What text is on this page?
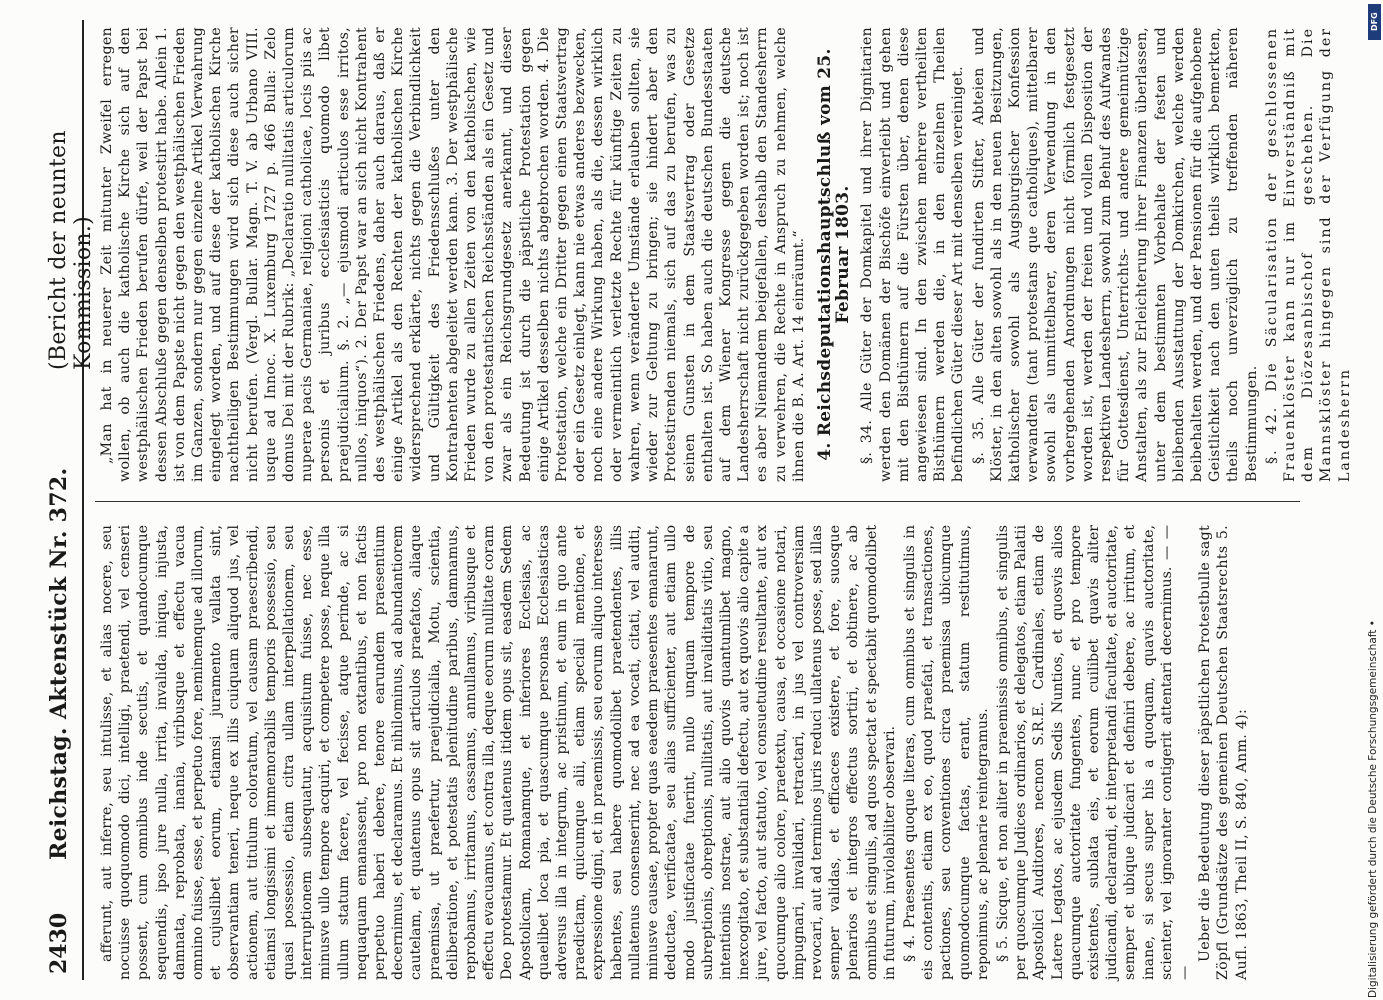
2430
Reichstag. Aktenstück Nr. 372.
(Bericht der neunten Kommission.)

afferunt, aut inferre, seu intulisse, et alias nocere, seu nocuisse quoquomodo dici, intelligi, praetendi, vel censeri possent, cum omnibus inde secutis, et quandocumque sequendis, ipso jure nulla, irrita, invalida, iniqua, injusta, damnata, reprobata, inania, viribusque et effectu vacua omnino fuisse, esse, et perpetuo fore, neminemque ad illorum, et cujuslibet eorum, etiamsi juramento vallata sint, observantiam teneri, neque ex illis cuiquam aliquod jus, vel actionem, aut titulum coloratum, vel causam praescribendi, etiamsi longissimi et immemorabilis temporis possessio, seu quasi possessio, etiam citra ullam interpellationem, seu interruptionem subsequatur, acquisitum fuisse, nec esse, minusve ullo tempore acquiri, et competere posse, neque illa ullum statum facere, vel fecisse, atque perinde, ac si nequaquam emanassent, pro non extantibus, et non factis perpetuo haberi debere, tenore earundem praesentium decernimus, et declaramus. Et nihilominus, ad abundantiorem cautelam, et quatenus opus sit articulos praefatos, aliaque praemissa, ut praefertur, praejudicialia, Motu, scientia, deliberatione, et potestatis plenitudine paribus, damnamus, reprobamus, irritamus, cassamus, annullamus, viribusque et effectu evacuamus, et contra illa, deque eorum nullitate coram Deo protestamur. Et quatenus itidem opus sit, easdem Sedem Apostolicam, Romanamque, et inferiores Ecclesias, ac quaelibet loca pia, et quascumque personas Ecclesiasticas adversus illa in integrum, ac pristinum, et eum in quo ante praedictam, quicumque alii, etiam speciali mentione, et expressione digni, et in praemissis, seu eorum aliquo interesse habentes, seu habere quomodolibet praetendentes, illis nullatenus consenserint, nec ad ea vocati, citati, vel auditi, minusve causae, propter quas eaedem praesentes emanarunt, deductae, verificatae, seu alias sufficienter, aut etiam ullo modo justificatae fuerint, nullo unquam tempore de subreptionis, obreptionis, nullitatis, aut invaliditatis vitio, seu intentionis nostrae, aut alio quovis quantumlibet magno, inexcogitato, et substantiali defectu, aut ex quovis alio capite a jure, vel facto, aut statuto, vel consuetudine resultante, aut ex quocumque alio colore, praetextu, causa, et occasione notari, impugnari, invalidari, retractari, in jus vel controversiam revocari, aut ad terminos juris reduci ullatenus posse, sed illas semper validas, et efficaces existere, et fore, suosque plenarios et integros effectus sortiri, et obtinere, ac ab omnibus et singulis, ad quos spectat et spectabit quomodolibet in futurum, inviolabiliter observari. § 4. Praesentes quoque literas, cum omnibus et singulis in eis contentis, etiam ex eo, quod praefati, et transactiones, pactiones, seu conventiones circa praemissa ubicumque quomodocumque factas, erant, statum restitutimus, reponimus, ac plenarie reintegramus. § 5. Sicque, et non aliter in praemissis omnibus, et singulis per quoscumque Judices ordinarios, et delegatos, etiam Palatii Apostolici Auditores, necnon S.R.E. Cardinales, etiam de Latere Legatos, ac ejusdem Sedis Nuntios, et quosvis alios quacumque auctoritate fungentes, nunc et pro tempore existentes, sublata eis, et eorum cuilibet quavis aliter judicandi, declarandi, et interpretandi facultate, et auctoritate, semper et ubique judicari et definiri debere, ac irritum, et inane, si secus super his a quoquam, quavis auctoritate, scienter, vel ignoranter contigerit attentari decernimus. — — —

Ueber die Bedeutung dieser päpstlichen Protestbulle sagt Zöpfl (Grundsätze des gemeinen Deutschen Staatsrechts 5. Aufl. 1863, Theil II, S. 840, Anm. 4):

„Man hat in neuerer Zeit mitunter Zweifel erregen wollen, ob auch die katholische Kirche sich auf den westphälischen Frieden berufen dürfe, weil der Papst bei dessen Abschluße gegen denselben protestirt habe. Allein 1. ist von dem Papste nicht gegen den westphälischen Frieden im Ganzen, sondern nur gegen einzelne Artikel Verwahrung eingelegt worden, und auf diese der katholischen Kirche nachtheiligen Bestimmungen wird sich diese auch sicher nicht berufen. (Vergl. Bullar. Magn. T. V. ab Urbano VIII. usque ad Innoc. X. Luxemburg 1727 p. 466 Bulla: Zelo domus Dei mit der Rubrik: „Declaratio nullitatis articulorum nuperae pacis Germaniae, religioni catholicae, locis piis ac personis et juribus ecclesiasticis quomodo libet praejudicialium. §. 2. „— ejusmodi articulos esse irritos, nullos, iniquos“). 2. Der Papst war an sich nicht Kontrahent des westphälischen Friedens, daher auch daraus, daß er einige Artikel als den Rechten der katholischen Kirche widersprechend erklärte, nichts gegen die Verbindlichkeit und Gültigkeit des Friedensschlußes unter den Kontrahenten abgeleitet werden kann. 3. Der westphälische Frieden wurde zu allen Zeiten von den katholischen, wie von den protestantischen Reichsständen als ein Gesetz und zwar als ein Reichsgrundgesetz anerkannt, und dieser Bedeutung ist durch die päpstliche Protestation gegen einige Artikel desselben nichts abgebrochen worden. 4. Die Protestation, welche ein Dritter gegen einen Staatsvertrag oder ein Gesetz einlegt, kann nie etwas anderes bezwecken, noch eine andere Wirkung haben, als die, dessen wirklich oder vermeintlich verletzte Rechte für künftige Zeiten zu wahren, wenn veränderte Umstände erlauben sollten, sie wieder zur Geltung zu bringen; sie hindert aber den Protestirenden niemals, sich auf das zu berufen, was zu seinen Gunsten in dem Staatsvertrag oder Gesetze enthalten ist. So haben auch die deutschen Bundesstaaten auf dem Wiener Kongresse gegen die deutsche Landesherrschaft nicht zurückgegeben worden ist; noch ist es aber Niemandem beigefallen, deshalb den Standesherrn zu verwehren, die Rechte in Anspruch zu nehmen, welche ihnen die B. A. Art. 14 einräumt.“ 4. Reichsdeputationshauptschluß vom 25. Februar 1803. §. 34. Alle Güter der Domkapitel und ihrer Dignitarien werden den Domänen der Bischöfe einverleibt und gehen mit den Bisthümern auf die Fürsten über, denen diese angewiesen sind. In den zwischen mehrere vertheilten Bisthümern werden die, in den einzelnen Theilen befindlichen Güter dieser Art mit denselben vereiniget. §. 35. Alle Güter der fundirten Stifter, Abteien und Klöster, in den alten sowohl als in den neuen Besitzungen, katholischer sowohl als Augsburgischer Konfession verwandten (tant protestans que catholiques), mittelbarer sowohl als unmittelbarer, deren Verwendung in den vorhergehenden Anordnungen nicht förmlich festgesetzt worden ist, werden der freien und vollen Disposition der respektiven Landesherrn, sowohl zum Behuf des Aufwandes für Gottesdienst, Unterrichts- und andere gemeinnützige Anstalten, als zur Erleichterung ihrer Finanzen überlassen, unter dem bestimmten Vorbehalte der festen und bleibenden Ausstattung der Domkirchen, welche werden beibehalten werden, und der Pensionen für die aufgehobene Geistlichkeit nach den unten theils wirklich bemerkten, theils noch unverzüglich zu treffenden näheren Bestimmungen. §. 42. Die Säcularisation der geschlossenen Frauenklöster kann nur im Einverständniß mit dem Diözesanbischof geschehen. Die Mannsklöster hingegen sind der Verfügung der Landesherrn

Digitalisierung gefördert durch die Deutsche Forschungsgemeinschaft •
DFG
